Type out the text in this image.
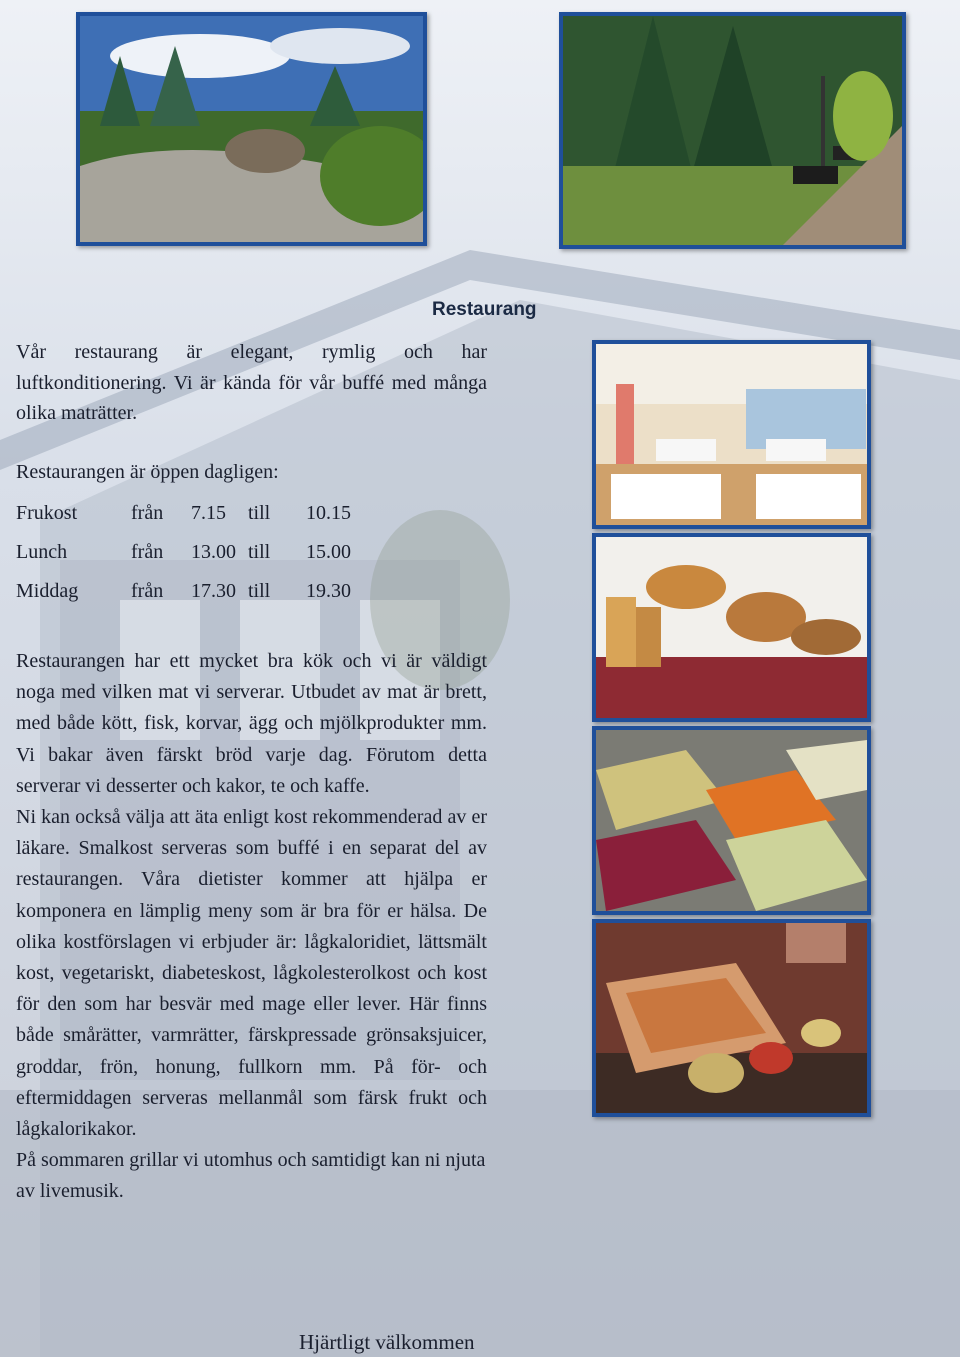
Restaurang
Vår restaurang är elegant, rymlig och har luftkonditionering. Vi är kända för vår buffé med många olika maträtter.
Restaurangen är öppen dagligen:
Frukost	från 7.15 till 10.15
Lunch	från 13.00 till 15.00
Middag	från 17.30 till 19.30
Restaurangen har ett mycket bra kök och vi är väldigt noga med vilken mat vi serverar. Utbudet av mat är brett, med både kött, fisk, korvar, ägg och mjölkprodukter mm. Vi bakar även färskt bröd varje dag. Förutom detta serverar vi desserter och kakor, te och kaffe.
Ni kan också välja att äta enligt kost rekommenderad av er läkare. Smalkost serveras som buffé i en separat del av restaurangen. Våra dietister kommer att hjälpa er komponera en lämplig meny som är bra för er hälsa. De olika kostförslagen vi erbjuder är: lågkaloridiet, lättsmält kost, vegetariskt, diabeteskost, lågkolesterolkost och kost för den som har besvär med mage eller lever. Här finns både smårätter, varmrätter, färskpressade grönsaksjuicer, groddar, frön, honung, fullkorn mm. På för- och eftermiddagen serveras mellanmål som färsk frukt och lågkalorikakor.
På sommaren grillar vi utomhus och samtidigt kan ni njuta av livemusik.
Hjärtligt välkommen
